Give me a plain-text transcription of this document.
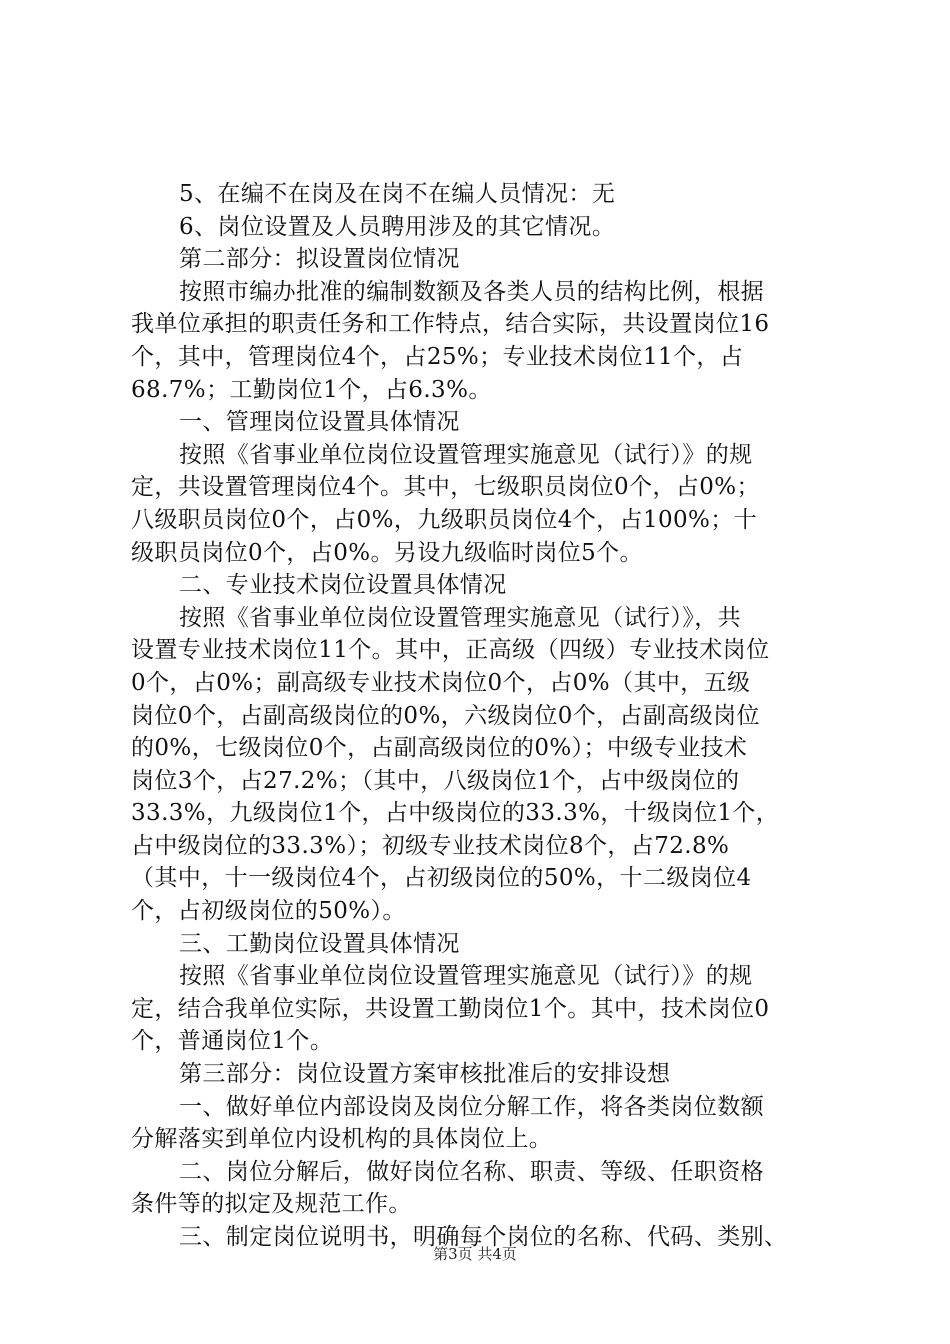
5、在编不在岗及在岗不在编人员情况：无
6、岗位设置及人员聘用涉及的其它情况。
第二部分：拟设置岗位情况
按照市编办批准的编制数额及各类人员的结构比例，根据
我单位承担的职责任务和工作特点，结合实际，共设置岗位16
个，其中，管理岗位4个，占25%；专业技术岗位11个，占
68.7%；工勤岗位1个，占6.3%。
一、管理岗位设置具体情况
按照《省事业单位岗位设置管理实施意见（试行）》的规
定，共设置管理岗位4个。其中，七级职员岗位0个，占0%；
八级职员岗位0个，占0%，九级职员岗位4个，占100%；十
级职员岗位0个，占0%。另设九级临时岗位5个。
二、专业技术岗位设置具体情况
按照《省事业单位岗位设置管理实施意见（试行）》，共
设置专业技术岗位11个。其中，正高级（四级）专业技术岗位
0个，占0%；副高级专业技术岗位0个，占0%（其中，五级
岗位0个，占副高级岗位的0%，六级岗位0个，占副高级岗位
的0%，七级岗位0个，占副高级岗位的0%）；中级专业技术
岗位3个，占27.2%；（其中，八级岗位1个，占中级岗位的
33.3%，九级岗位1个，占中级岗位的33.3%，十级岗位1个，
占中级岗位的33.3%）；初级专业技术岗位8个，占72.8%
（其中，十一级岗位4个，占初级岗位的50%，十二级岗位4
个，占初级岗位的50%）。
三、工勤岗位设置具体情况
按照《省事业单位岗位设置管理实施意见（试行）》的规
定，结合我单位实际，共设置工勤岗位1个。其中，技术岗位0
个，普通岗位1个。
第三部分：岗位设置方案审核批准后的安排设想
一、做好单位内部设岗及岗位分解工作，将各类岗位数额
分解落实到单位内设机构的具体岗位上。
二、岗位分解后，做好岗位名称、职责、等级、任职资格
条件等的拟定及规范工作。
三、制定岗位说明书，明确每个岗位的名称、代码、类别、
第3页 共4页
